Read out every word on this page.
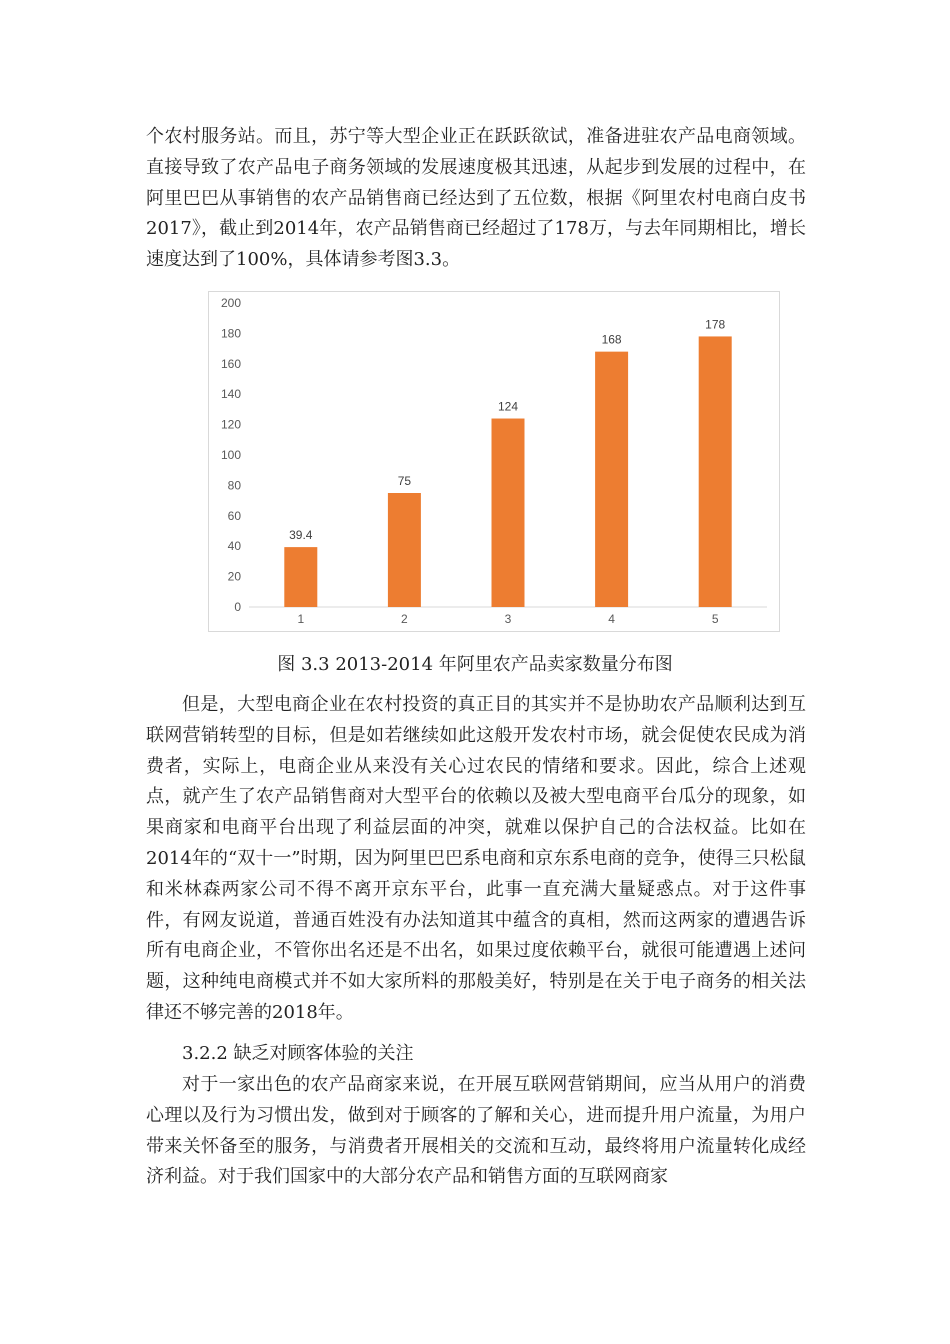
个农村服务站。而且，苏宁等大型企业正在跃跃欲试，准备进驻农产品电商领域。直接导致了农产品电子商务领域的发展速度极其迅速，从起步到发展的过程中，在阿里巴巴从事销售的农产品销售商已经达到了五位数，根据《阿里农村电商白皮书2017》，截止到2014年，农产品销售商已经超过了178万，与去年同期相比，增长速度达到了100%，具体请参考图3.3。

0
20
40
60
80
100
120
140
160
180
200
39.4
1
75
2
124
3
168
4
178
5

图 3.3 2013-2014 年阿里农产品卖家数量分布图

但是，大型电商企业在农村投资的真正目的其实并不是协助农产品顺利达到互联网营销转型的目标，但是如若继续如此这般开发农村市场，就会促使农民成为消费者，实际上，电商企业从来没有关心过农民的情绪和要求。因此，综合上述观点，就产生了农产品销售商对大型平台的依赖以及被大型电商平台瓜分的现象，如果商家和电商平台出现了利益层面的冲突，就难以保护自己的合法权益。比如在2014年的“双十一”时期，因为阿里巴巴系电商和京东系电商的竞争，使得三只松鼠和米林森两家公司不得不离开京东平台，此事一直充满大量疑惑点。对于这件事件，有网友说道，普通百姓没有办法知道其中蕴含的真相，然而这两家的遭遇告诉所有电商企业，不管你出名还是不出名，如果过度依赖平台，就很可能遭遇上述问题，这种纯电商模式并不如大家所料的那般美好，特别是在关于电子商务的相关法律还不够完善的2018年。

3.2.2 缺乏对顾客体验的关注

对于一家出色的农产品商家来说，在开展互联网营销期间，应当从用户的消费心理以及行为习惯出发，做到对于顾客的了解和关心，进而提升用户流量，为用户带来关怀备至的服务，与消费者开展相关的交流和互动，最终将用户流量转化成经济利益。对于我们国家中的大部分农产品和销售方面的互联网商家
